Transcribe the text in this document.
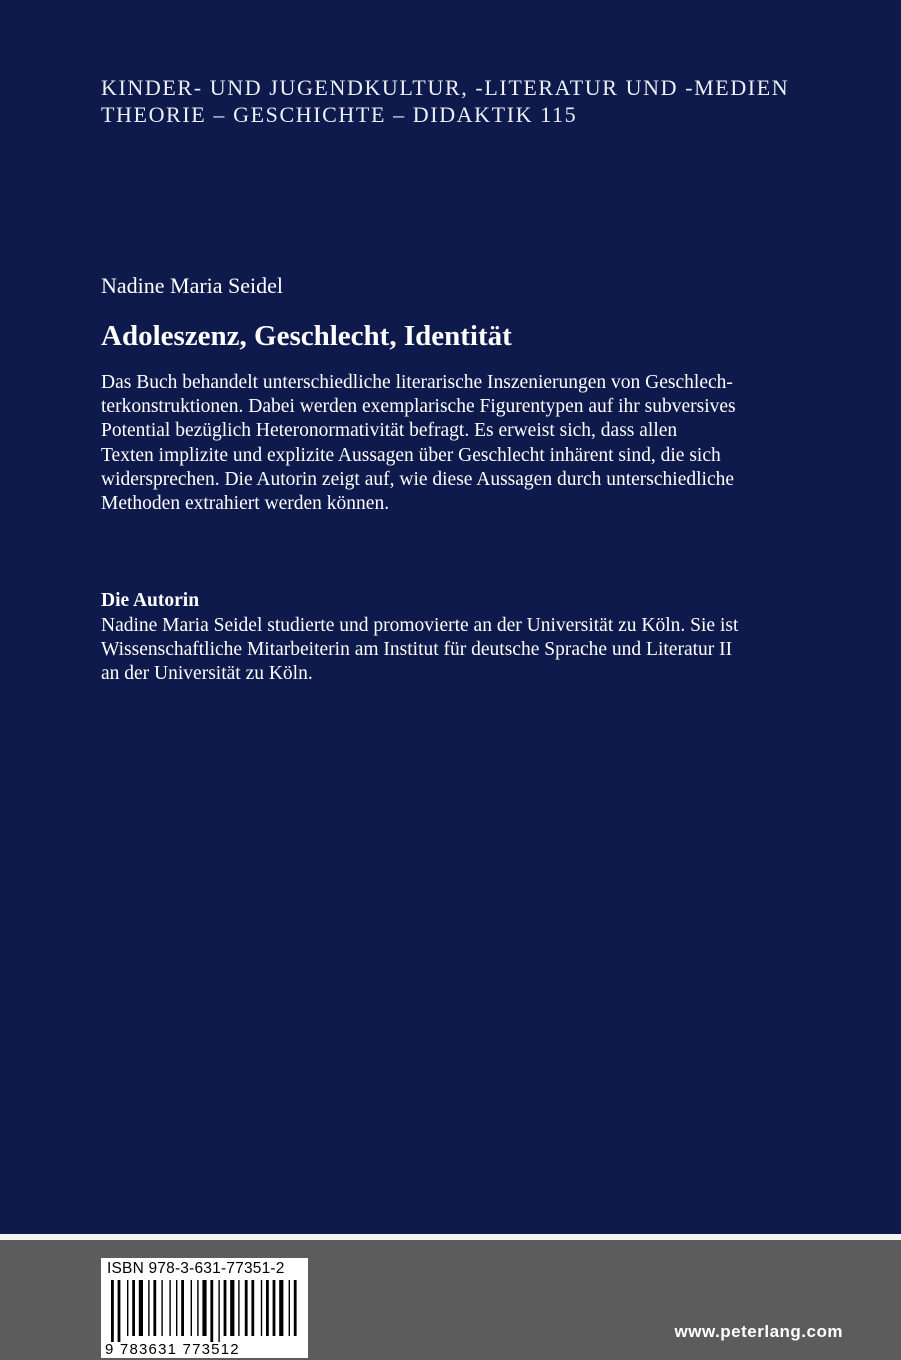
KINDER- UND JUGENDKULTUR, -LITERATUR UND -MEDIEN
THEORIE – GESCHICHTE – DIDAKTIK 115
Nadine Maria Seidel
Adoleszenz, Geschlecht, Identität
Das Buch behandelt unterschiedliche literarische Inszenierungen von Geschlech-
terkonstruktionen. Dabei werden exemplarische Figurentypen auf ihr subversives
Potential bezüglich Heteronormativität befragt. Es erweist sich, dass allen
Texten implizite und explizite Aussagen über Geschlecht inhärent sind, die sich
widersprechen. Die Autorin zeigt auf, wie diese Aussagen durch unterschiedliche
Methoden extrahiert werden können.
Die Autorin
Nadine Maria Seidel studierte und promovierte an der Universität zu Köln. Sie ist
Wissenschaftliche Mitarbeiterin am Institut für deutsche Sprache und Literatur II
an der Universität zu Köln.
ISBN 978-3-631-77351-2
9 783631 773512
www.peterlang.com
